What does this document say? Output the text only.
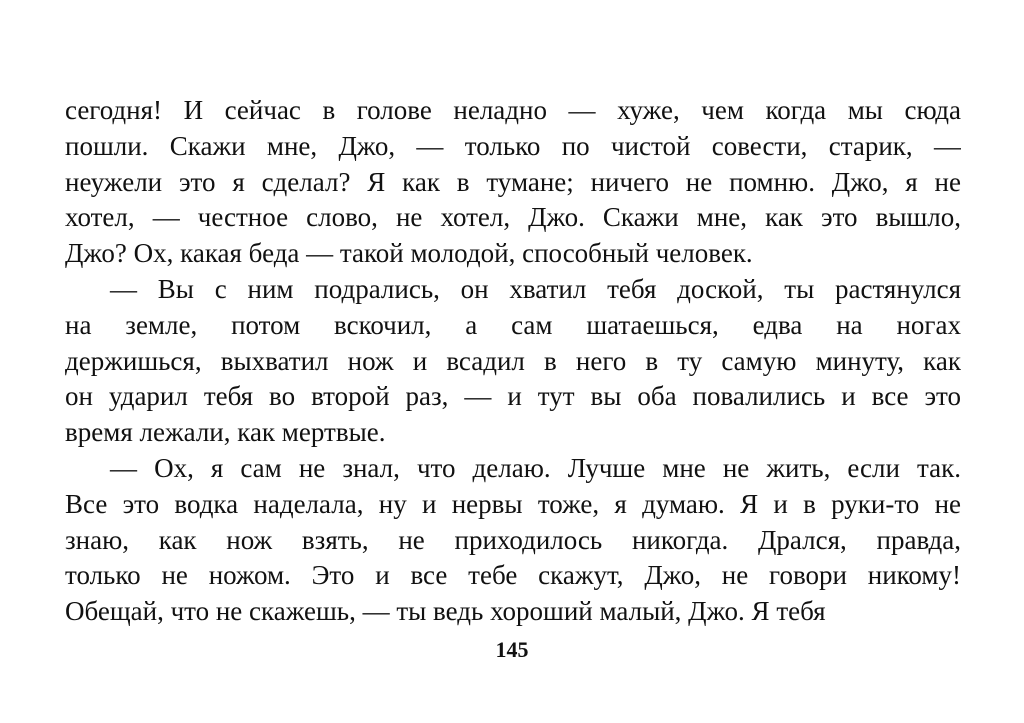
сегодня! И сейчас в голове неладно — хуже, чем когда мы сюда
пошли. Скажи мне, Джо, — только по чистой совести, старик, —
неужели это я сделал? Я как в тумане; ничего не помню. Джо, я не
хотел, — честное слово, не хотел, Джо. Скажи мне, как это вышло,
Джо? Ох, какая беда — такой молодой, способный человек.
— Вы с ним подрались, он хватил тебя доской, ты растянулся
на земле, потом вскочил, а сам шатаешься, едва на ногах
держишься, выхватил нож и всадил в него в ту самую минуту, как
он ударил тебя во второй раз, — и тут вы оба повалились и все это
время лежали, как мертвые.
— Ох, я сам не знал, что делаю. Лучше мне не жить, если так.
Все это водка наделала, ну и нервы тоже, я думаю. Я и в руки-то не
знаю, как нож взять, не приходилось никогда. Дрался, правда,
только не ножом. Это и все тебе скажут, Джо, не говори никому!
Обещай, что не скажешь, — ты ведь хороший малый, Джо. Я тебя
145
